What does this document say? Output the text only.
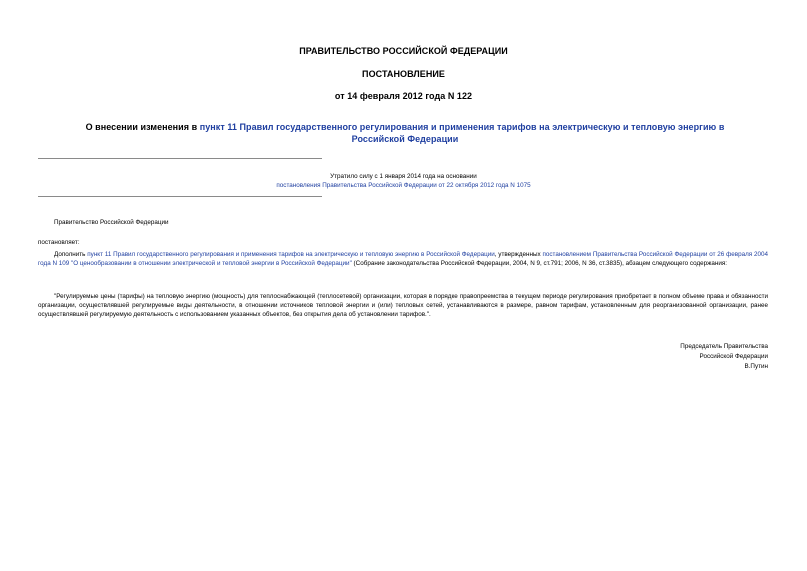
ПРАВИТЕЛЬСТВО РОССИЙСКОЙ ФЕДЕРАЦИИ
ПОСТАНОВЛЕНИЕ
от 14 февраля 2012 года N 122
О внесении изменения в пункт 11 Правил государственного регулирования и применения тарифов на электрическую и тепловую энергию в Российской Федерации
Утратило силу с 1 января 2014 года на основании
постановления Правительства Российской Федерации от 22 октября 2012 года N 1075
Правительство Российской Федерации
постановляет:
Дополнить пункт 11 Правил государственного регулирования и применения тарифов на электрическую и тепловую энергию в Российской Федерации, утвержденных постановлением Правительства Российской Федерации от 26 февраля 2004 года N 109 "О ценообразовании в отношении электрической и тепловой энергии в Российской Федерации" (Собрание законодательства Российской Федерации, 2004, N 9, ст.791; 2006, N 36, ст.3835), абзацем следующего содержания:
"Регулируемые цены (тарифы) на тепловую энергию (мощность) для теплоснабжающей (теплосетевой) организации, которая в порядке правопреемства в текущем периоде регулирования приобретает в полном объеме права и обязанности организации, осуществлявшей регулируемые виды деятельности, в отношении источников тепловой энергии и (или) тепловых сетей, устанавливаются в размере, равном тарифам, установленным для реорганизованной организации, ранее осуществлявшей регулируемую деятельность с использованием указанных объектов, без открытия дела об установлении тарифов.".
Председатель Правительства
Российской Федерации
В.Путин
